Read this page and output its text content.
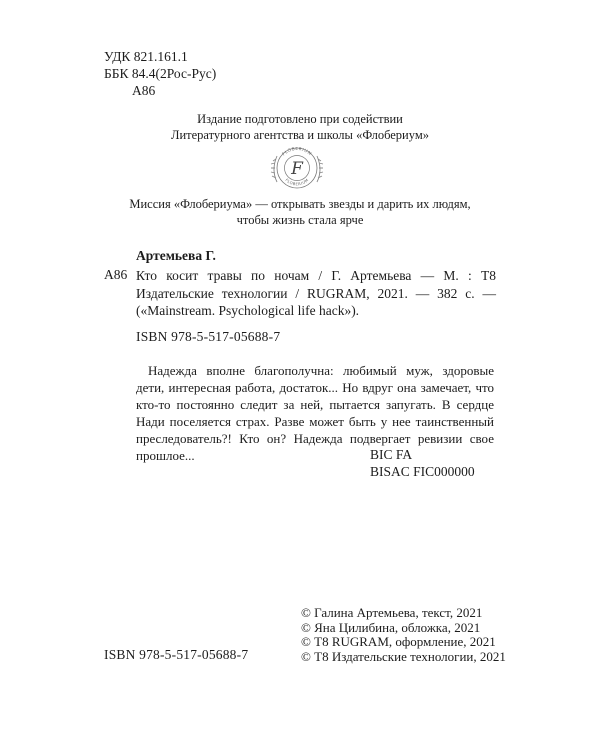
УДК 821.161.1
ББК 84.4(2Рос-Рус)
А86
Издание подготовлено при содействии
Литературного агентства и школы «Флобериум»
FLOBERIUM
FLOBERIUM
F
Миссия «Флобериума» — открывать звезды и дарить их людям,
чтобы жизнь стала ярче
Артемьева Г.
А86 Кто косит травы по ночам / Г. Артемьева — М. : Т8 Издательские технологии / RUGRAM, 2021. — 382 с. — («Mainstream. Psychological life hack»).
ISBN 978-5-517-05688-7

Надежда вполне благополучна: любимый муж, здоровые дети, интересная работа, достаток... Но вдруг она замечает, что кто-то постоянно следит за ней, пытается запугать. В сердце Нади поселяется страх. Разве может быть у нее таинственный преследователь?! Кто он? Надежда подвергает ревизии свое прошлое...	BIC FA
BISAC FIC000000
© Галина Артемьева, текст, 2021
© Яна Цилибина, обложка, 2021
© Т8 RUGRAM, оформление, 2021
© Т8 Издательские технологии, 2021
ISBN 978-5-517-05688-7
